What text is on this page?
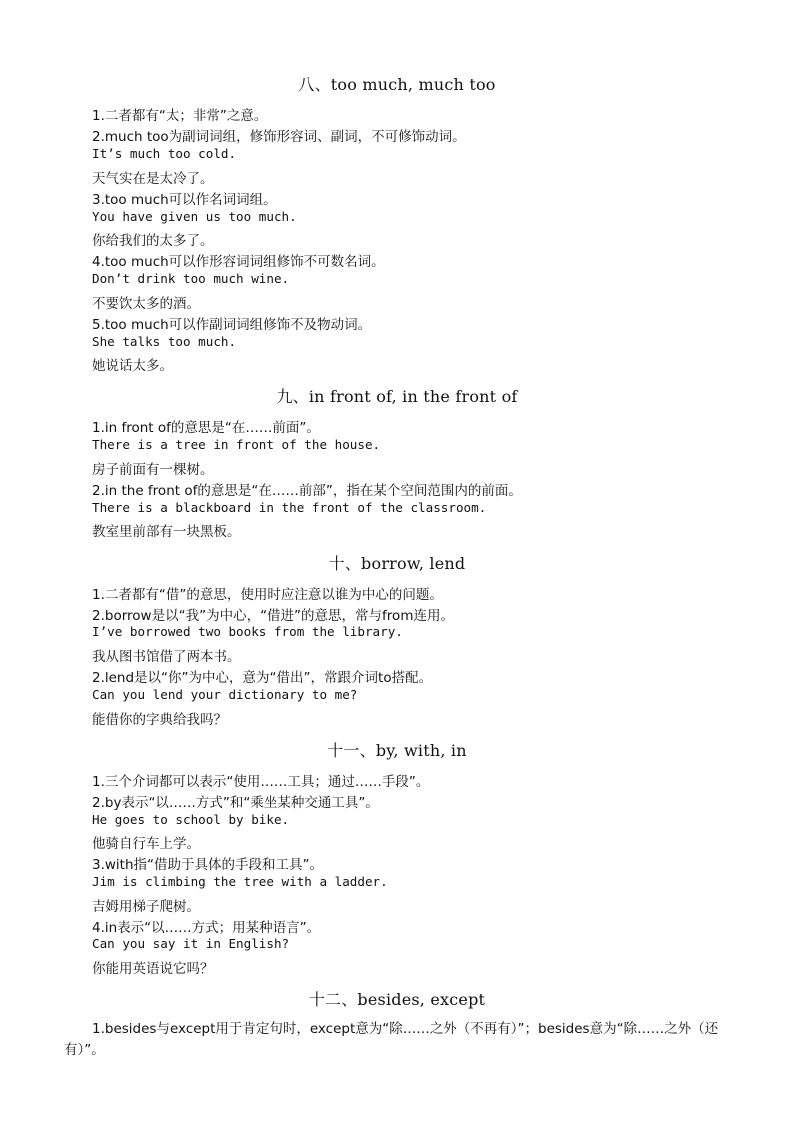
八、too much, much too
1.二者都有“太；非常”之意。
2.much too为副词词组，修饰形容词、副词，不可修饰动词。
It’s much too cold.
天气实在是太冷了。
3.too much可以作名词词组。
You have given us too much.
你给我们的太多了。
4.too much可以作形容词词组修饰不可数名词。
Don’t drink too much wine.
不要饮太多的酒。
5.too much可以作副词词组修饰不及物动词。
She talks too much.
她说话太多。
九、in front of, in the front of
1.in front of的意思是“在……前面”。
There is a tree in front of the house.
房子前面有一棵树。
2.in the front of的意思是“在……前部”，指在某个空间范围内的前面。
There is a blackboard in the front of the classroom.
教室里前部有一块黑板。
十、borrow, lend
1.二者都有“借”的意思，使用时应注意以谁为中心的问题。
2.borrow是以“我”为中心，“借进”的意思，常与from连用。
I’ve borrowed two books from the library.
我从图书馆借了两本书。
2.lend是以“你”为中心，意为“借出”，常跟介词to搭配。
Can you lend your dictionary to me?
能借你的字典给我吗？
十一、by, with, in
1.三个介词都可以表示“使用……工具；通过……手段”。
2.by表示“以……方式”和“乘坐某种交通工具”。
He goes to school by bike.
他骑自行车上学。
3.with指“借助于具体的手段和工具”。
Jim is climbing the tree with a ladder.
吉姆用梯子爬树。
4.in表示“以……方式；用某种语言”。
Can you say it in English?
你能用英语说它吗？
十二、besides, except
1.besides与except用于肯定句时，except意为“除……之外（不再有）”；besides意为“除……之外（还有）”。
